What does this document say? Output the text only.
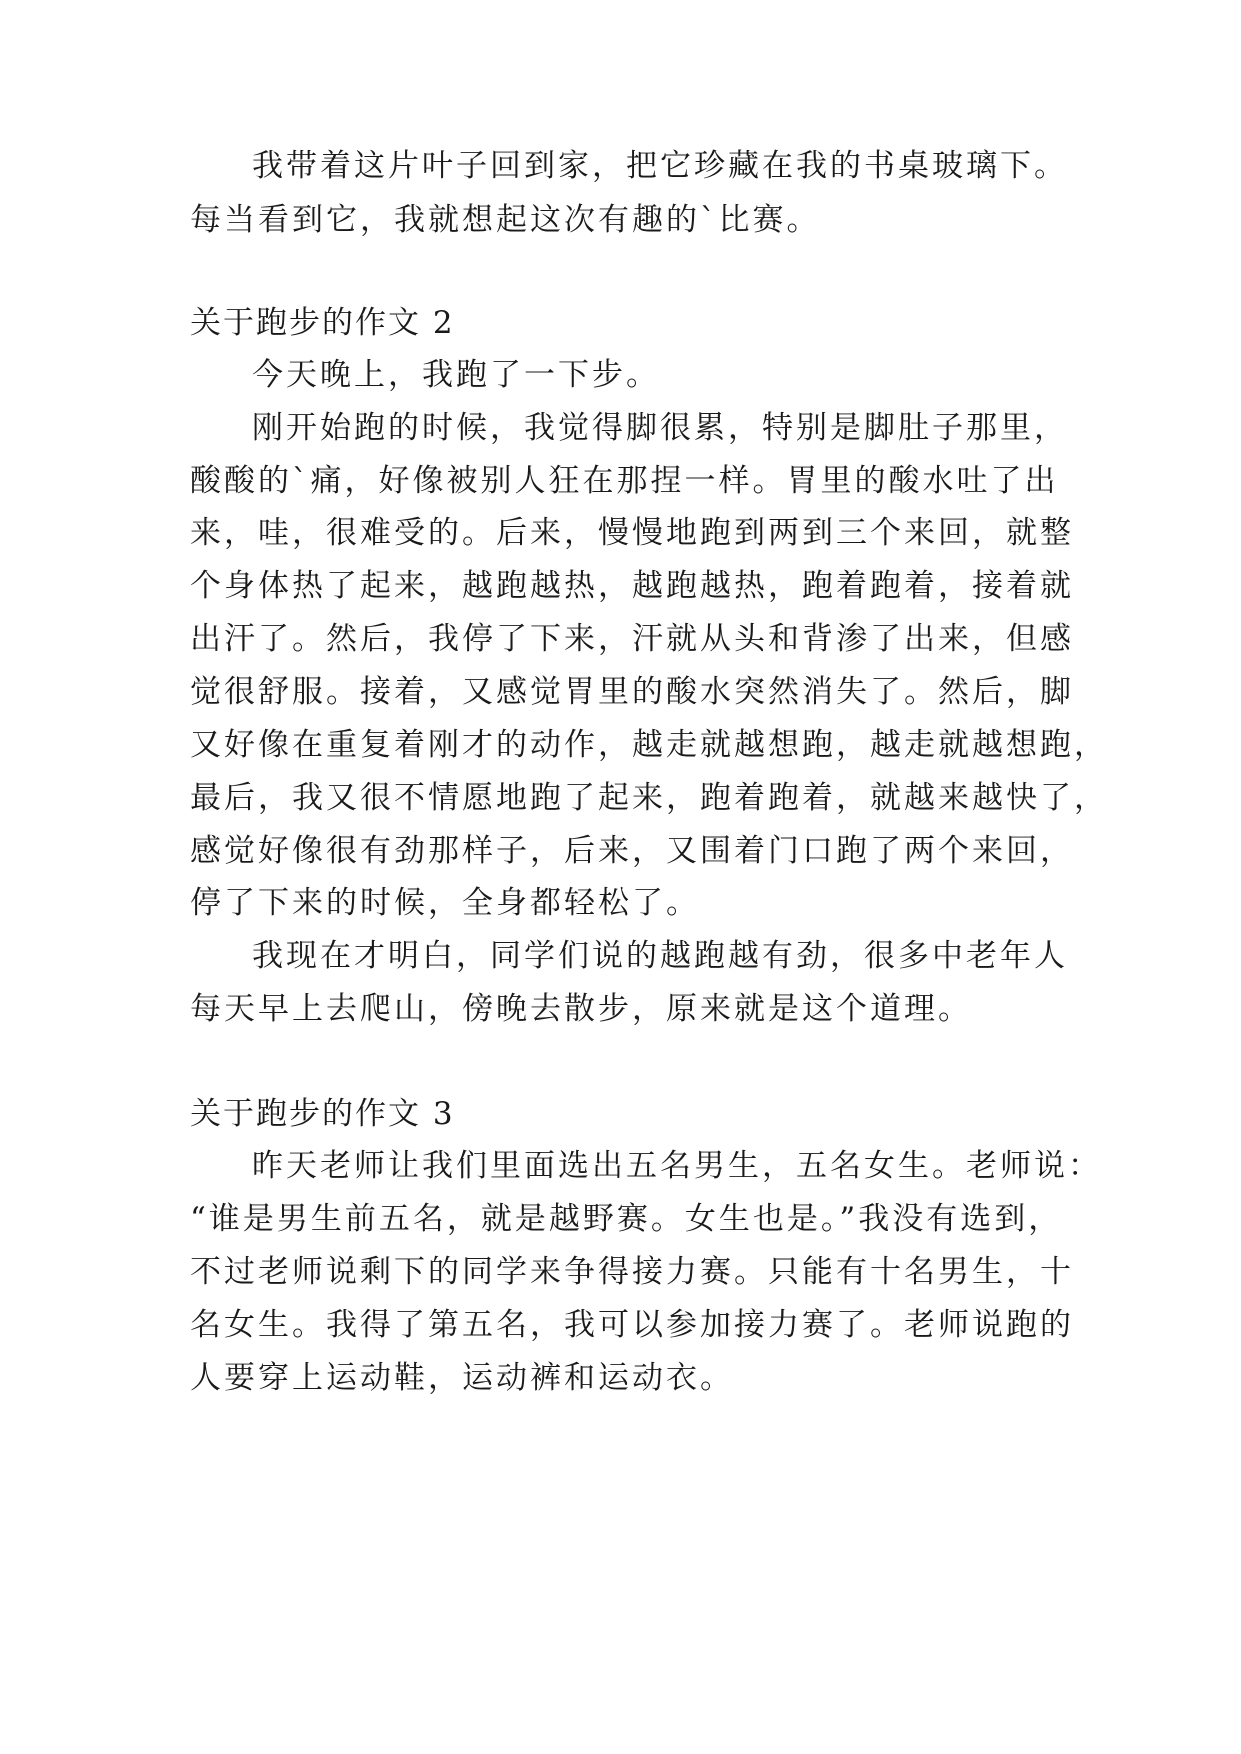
我带着这片叶子回到家，把它珍藏在我的书桌玻璃下。
每当看到它，我就想起这次有趣的`比赛。
关于跑步的作文 2
今天晚上，我跑了一下步。
刚开始跑的时候，我觉得脚很累，特别是脚肚子那里，
酸酸的`痛，好像被别人狂在那捏一样。胃里的酸水吐了出
来，哇，很难受的。后来，慢慢地跑到两到三个来回，就整
个身体热了起来，越跑越热，越跑越热，跑着跑着，接着就
出汗了。然后，我停了下来，汗就从头和背渗了出来，但感
觉很舒服。接着，又感觉胃里的酸水突然消失了。然后，脚
又好像在重复着刚才的动作，越走就越想跑，越走就越想跑，
最后，我又很不情愿地跑了起来，跑着跑着，就越来越快了，
感觉好像很有劲那样子，后来，又围着门口跑了两个来回，
停了下来的时候，全身都轻松了。
我现在才明白，同学们说的越跑越有劲，很多中老年人
每天早上去爬山，傍晚去散步，原来就是这个道理。
关于跑步的作文 3
昨天老师让我们里面选出五名男生，五名女生。老师说：
“谁是男生前五名，就是越野赛。女生也是。”我没有选到，
不过老师说剩下的同学来争得接力赛。只能有十名男生，十
名女生。我得了第五名，我可以参加接力赛了。老师说跑的
人要穿上运动鞋，运动裤和运动衣。
